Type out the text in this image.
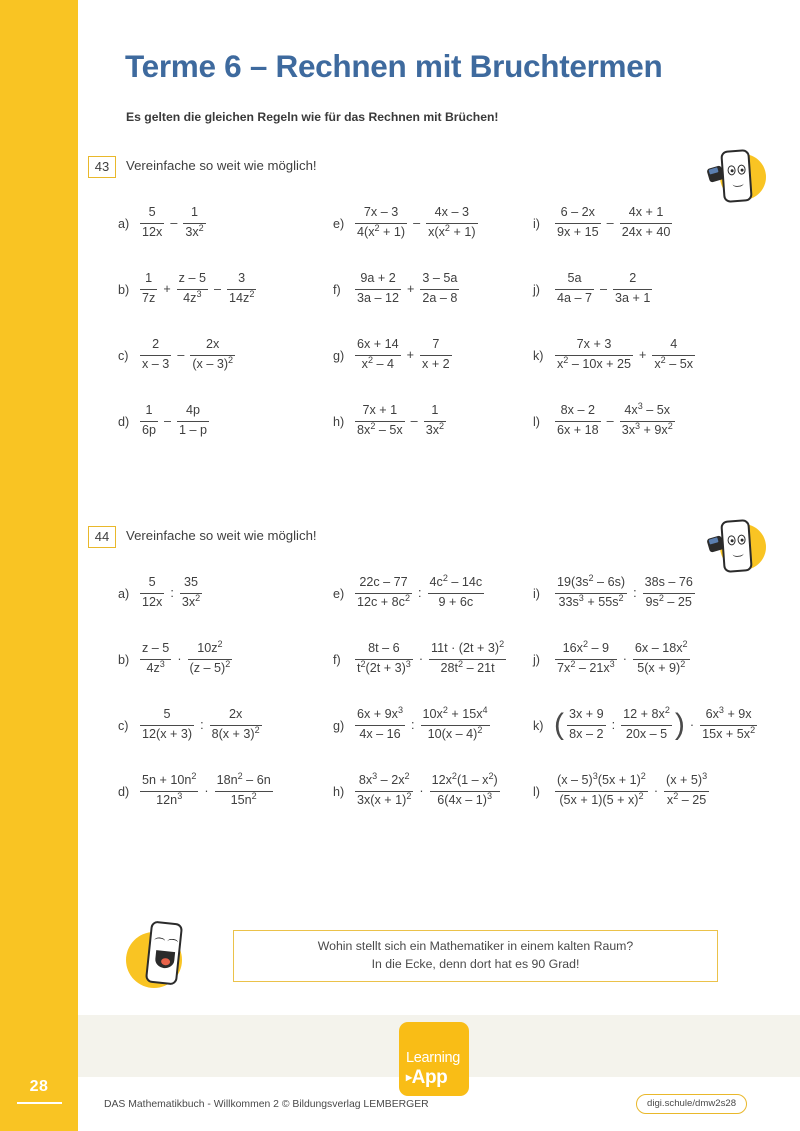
28
Terme 6 – Rechnen mit Bruchtermen
Es gelten die gleichen Regeln wie für das Rechnen mit Brüchen!
43	Vereinfache so weit wie möglich!
$a) \frac{5}{12x} - \frac{1}{3x^2}$
$b) \frac{1}{7z} + \frac{z - 5}{4z^3} - \frac{3}{14z^2}$
$c) \frac{2}{x - 3} - \frac{2x}{(x - 3)^2}$
$d) \frac{1}{6p} - \frac{4p}{1 - p}$
$e) \frac{7x - 3}{4(x^2 + 1)} - \frac{4x - 3}{x(x^2 + 1)}$
$f) \frac{9a + 2}{3a - 12} + \frac{3 - 5a}{2a - 8}$
$g) \frac{6x + 14}{x^2 - 4} + \frac{7}{x + 2}$
$h) \frac{7x + 1}{8x^2 - 5x} - \frac{1}{3x^2}$
i)	$\frac{6 - 2x}{9x + 15} - \frac{4x + 1}{24x + 40}$
j)	$\frac{5a}{4a - 7} - \frac{2}{3a + 1}$
$k) \frac{7x + 3}{x^2 - 10x + 25} + \frac{4}{x^2 - 5x}$
l)	$\frac{8x - 2}{6x + 18} - \frac{4x^3 - 5x}{3x^3 + 9x^2}$
44	Vereinfache so weit wie möglich!
$a) \frac{5}{12x}$ : $\frac{35}{3x^2}$
$b) \frac{z - 5}{4z^3} \cdot \frac{10z^2}{(z - 5)^2}$
$c) \frac{5}{12(x + 3)}$ : $\frac{2x}{8(x + 3)^2}$
$d) \frac{5n + 10n^2}{12n^3} \cdot \frac{18n^2 - 6n}{15n^2}$
$e) \frac{22c - 77}{12c + 8c^2}$ : $\frac{4c^2 - 14c}{9 + 6c}$
$f) \frac{8t - 6}{t^2(2t + 3)^3} \cdot \frac{11t \cdot (2t + 3)^2}{28t^2 - 21t}$
$g) \frac{6x + 9x^3}{4x - 16}$ : $\frac{10x^2 + 15x^4}{10(x - 4)^2}$
$h) \frac{8x^3 - 2x^2}{3x(x + 1)^2} \cdot \frac{12x^2(1 - x^2)}{6(4x - 1)^3}$
i)	$\frac{19(3s^2 - 6s)}{33s^3 + 55s^2}$ : $\frac{38s - 76}{9s^2 - 25}$
j)	$\frac{16x^2 - 9}{7x^2 - 21x^3} \cdot \frac{6x - 18x^2}{5(x + 9)^2}$
k) ( $\frac{3x + 9}{8x - 2}$ : $\frac{12 + 8x^2}{20x - 5}$ ) · $\frac{6x^3 + 9x}{15x + 5x^2}$
l)	$\frac{(x - 5)^3(5x + 1)^2}{(5x + 1)(5 + x)^2} \cdot \frac{(x + 5)^3}{x^2 - 25}$
Wohin stellt sich ein Mathematiker in einem kalten Raum?
In die Ecke, denn dort hat es 90 Grad!
Learning
▸App
DAS Mathematikbuch - Willkommen 2 © Bildungsverlag LEMBERGER	digi.schule/dmw2s28
